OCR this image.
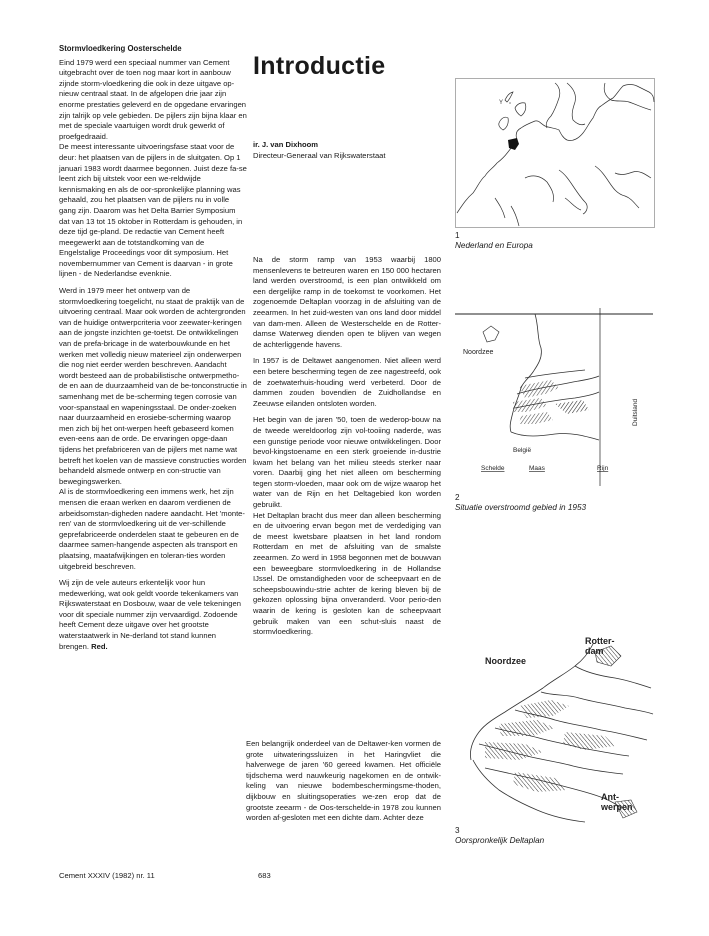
Stormvloedkering Oosterschelde

Eind 1979 werd een speciaal nummer van Cement uitgebracht over de toen nog maar kort in aanbouw zijnde storm-vloedkering die ook in deze uitgave op-nieuw centraal staat. In de afgelopen drie jaar zijn enorme prestaties geleverd en de opgedane ervaringen zijn talrijk op vele gebieden. De pijlers zijn bijna klaar en met de speciale vaartuigen wordt druk gewerkt of proefgedraaid.
De meest interessante uitvoeringsfase staat voor de deur: het plaatsen van de pijlers in de sluitgaten. Op 1 januari 1983 wordt daarmee begonnen. Juist deze fa-se leent zich bij uitstek voor een we-reldwijde kennismaking en als de oor-spronkelijke planning was gehaald, zou het plaatsen van de pijlers nu in volle gang zijn. Daarom was het Delta Barrier Symposium dat van 13 tot 15 oktober in Rotterdam is gehouden, in deze tijd ge-pland. De redactie van Cement heeft meegewerkt aan de totstandkoming van de Engelstalige Proceedings voor dit symposium. Het novembernummer van Cement is daarvan - in grote lijnen - de Nederlandse evenknie.

Werd in 1979 meer het ontwerp van de stormvloedkering toegelicht, nu staat de praktijk van de uitvoering centraal. Maar ook worden de achtergronden van de huidige ontwerpcriteria voor zeewater-keringen aan de jongste inzichten ge-toetst. De ontwikkelingen van de prefa-bricage in de waterbouwkunde en het werken met volledig nieuw materieel zijn onderwerpen die nog niet eerder werden beschreven. Aandacht wordt besteed aan de probabilistische ontwerpmetho-de en aan de duurzaamheid van de be-tonconstructie in samenhang met de be-scherming tegen corrosie van voor-spanstaal en wapeningsstaal. De onder-zoeken naar duurzaamheid en erosiebe-scherming waarop men zich bij het ont-werpen heeft gebaseerd komen even-eens aan de orde. De ervaringen opge-daan tijdens het prefabriceren van de pijlers met name wat betreft het koelen van de massieve constructies worden behandeld alsmede ontwerp en con-structie van bewegingswerken.
Al is de stormvloedkering een immens werk, het zijn mensen die eraan werken en daarom verdienen de arbeidsomstan-digheden nadere aandacht. Het 'monte-ren' van de stormvloedkering uit de ver-schillende geprefabriceerde onderdelen staat te gebeuren en de daarmee samen-hangende aspecten als transport en plaatsing, maatafwijkingen en toleran-ties worden uitgebreid beschreven.

Wij zijn de vele auteurs erkentelijk voor hun medewerking, wat ook geldt voorde tekenkamers van Rijkswaterstaat en Dosbouw, waar de vele tekeningen voor dit speciale nummer zijn vervaardigd. Zodoende heeft Cement deze uitgave over het grootste waterstaatwerk in Ne-derland tot stand kunnen brengen. Red.

Introductie
ir. J. van Dixhoom
Directeur-Generaal van Rijkswaterstaat

Na de storm ramp van 1953 waarbij 1800 mensenlevens te betreuren waren en 150 000 hectaren land werden overstroomd, is een plan ontwikkeld om een dergelijke ramp in de toekomst te voorkomen. Het zogenoemde Deltaplan voorzag in de afsluiting van de zeearmen. In het zuid-westen van ons land door middel van dam-men. Alleen de Westerschelde en de Rotter-damse Waterweg dienden open te blijven van wegen de achterliggende havens.

In 1957 is de Deltawet aangenomen. Niet alleen werd een betere bescherming tegen de zee nagestreefd, ook de zoetwaterhuis-houding werd verbeterd. Door de dammen zouden bovendien de Zuidhollandse en Zeeuwse eilanden ontsloten worden.

Het begin van de jaren '50, toen de wederop-bouw na de tweede wereldoorlog zijn vol-tooiing naderde, was een gunstige periode voor nieuwe ontwikkelingen. Door bevol-kingstoename en een sterk groeiende in-dustrie kwam het belang van het milieu steeds sterker naar voren. Daarbij ging het niet alleen om bescherming tegen storm-vloeden, maar ook om de wijze waarop het water van de Rijn en het Deltagebied kon worden gebruikt.
Het Deltaplan bracht dus meer dan alleen bescherming en de uitvoering ervan begon met de verdediging van de meest kwetsbare plaatsen in het land rondom Rotterdam en met de afsluiting van de smalste zeearmen. Zo werd in 1958 begonnen met de bouwvan een beweegbare stormvloedkering in de Hollandse IJssel. De omstandigheden voor de scheepvaart en de scheepsbouwindu-strie achter de kering bleven bij de gekozen oplossing bijna onveranderd. Voor perio-den waarin de kering is gesloten kan de scheepvaart gebruik maken van een schut-sluis naast de stormvloedkering.

Een belangrijk onderdeel van de Deltawer-ken vormen de grote uitwateringssluizen in het Haringvliet die halverwege de jaren '60 gereed kwamen. Het officiële tijdschema werd nauwkeurig nagekomen en de ontwik-keling van nieuwe bodembeschermingsme-thoden, dijkbouw en sluitingsoperaties we-zen erop dat de grootste zeearm - de Oos-terschelde-in 1978 zou kunnen worden af-gesloten met een dichte dam. Achter deze
Y °
1
Nederland en Europa
Noordzee
Duitsland
België
Schelde	Maas	Rijn
2
Situatie overstroomd gebied in 1953
Noordzee
Rotter-
dam
Ant-
werpen
3
Oorspronkelijk Deltaplan
Cement XXXIV (1982) nr. 11	683
